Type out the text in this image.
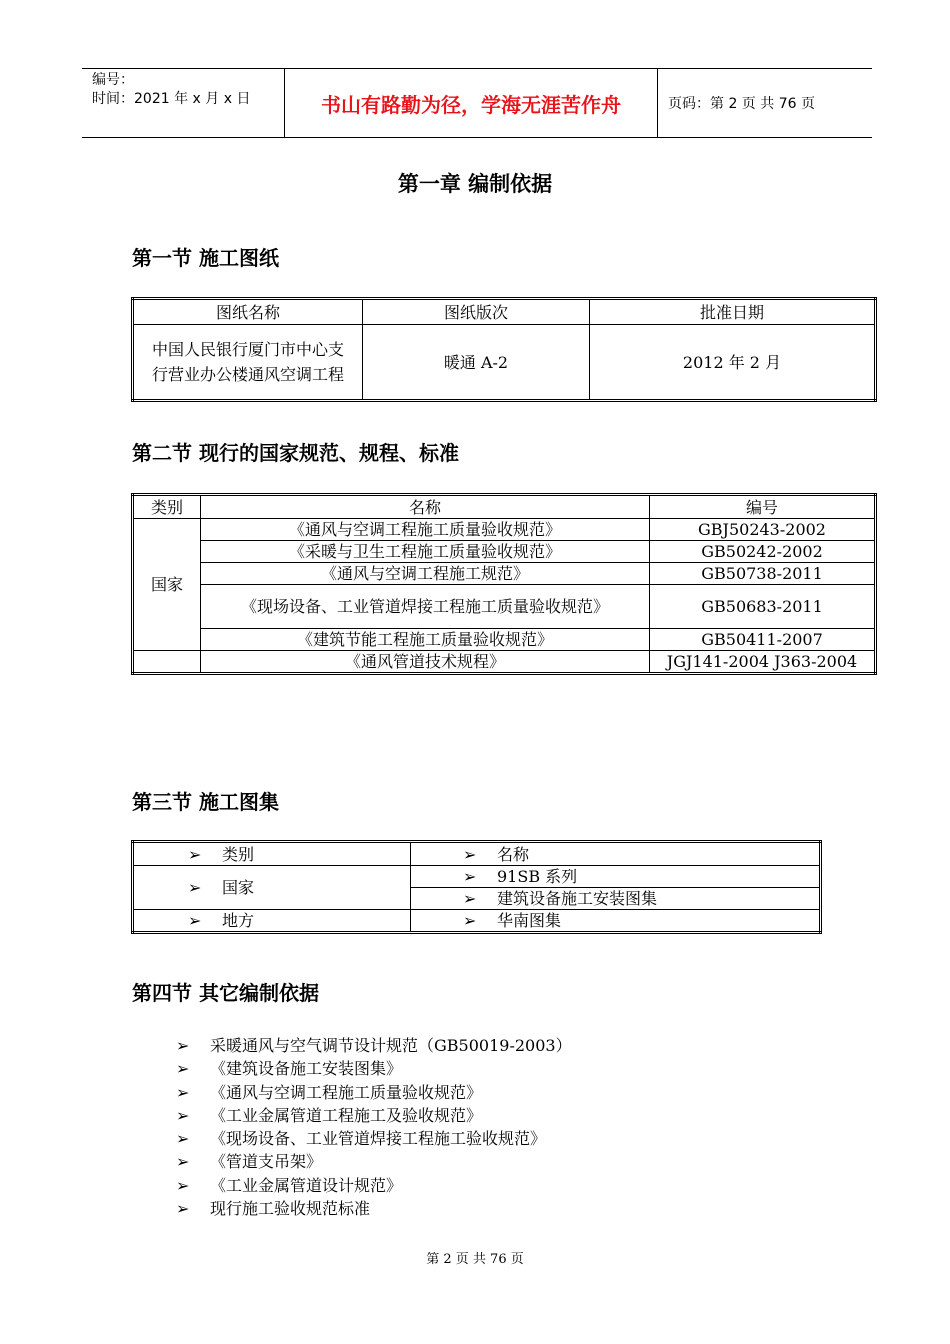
编号：
时间：2021 年 x 月 x 日	书山有路勤为径，学海无涯苦作舟	页码：第 2 页 共 76 页
第一章 编制依据
第一节 施工图纸
图纸名称	图纸版次	批准日期
中国人民银行厦门市中心支行营业办公楼通风空调工程	暖通 A-2	2012 年 2 月
第二节 现行的国家规范、规程、标准
类别	名称	编号
国家	《通风与空调工程施工质量验收规范》	GBJ50243-2002
	《采暖与卫生工程施工质量验收规范》	GB50242-2002
	《通风与空调工程施工规范》	GB50738-2011
	《现场设备、工业管道焊接工程施工质量验收规范》	GB50683-2011
	《建筑节能工程施工质量验收规范》	GB50411-2007
	《通风管道技术规程》	JGJ141-2004 J363-2004
第三节 施工图集
➢ 类别	➢ 名称
➢ 国家	➢ 91SB 系列
	➢ 建筑设备施工安装图集
➢ 地方	➢ 华南图集
第四节 其它编制依据
➢	采暖通风与空气调节设计规范（GB50019-2003）
➢	《建筑设备施工安装图集》
➢	《通风与空调工程施工质量验收规范》
➢	《工业金属管道工程施工及验收规范》
➢	《现场设备、工业管道焊接工程施工验收规范》
➢	《管道支吊架》
➢	《工业金属管道设计规范》
➢	现行施工验收规范标准
第 2 页 共 76 页
